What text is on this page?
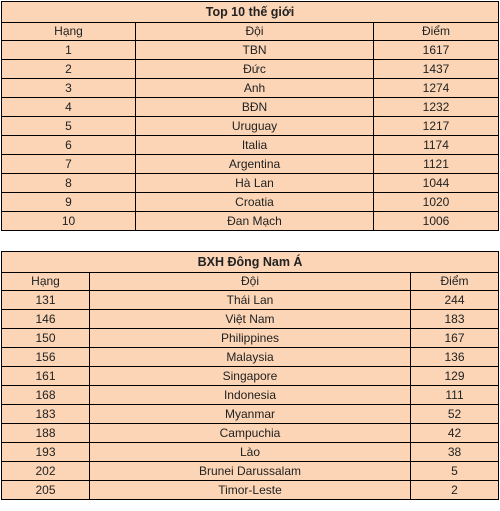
Top 10 thế giới		
Hạng	Đội	Điểm
1	TBN	1617
2	Đức	1437
3	Anh	1274
4	BĐN	1232
5	Uruguay	1217
6	Italia	1174
7	Argentina	1121
8	Hà Lan	1044
9	Croatia	1020
10	Đan Mạch	1006
BXH Đông Nam Á		
Hạng	Đội	Điểm
131	Thái Lan	244
146	Việt Nam	183
150	Philippines	167
156	Malaysia	136
161	Singapore	129
168	Indonesia	111
183	Myanmar	52
188	Campuchia	42
193	Lào	38
202	Brunei Darussalam	5
205	Timor-Leste	2
